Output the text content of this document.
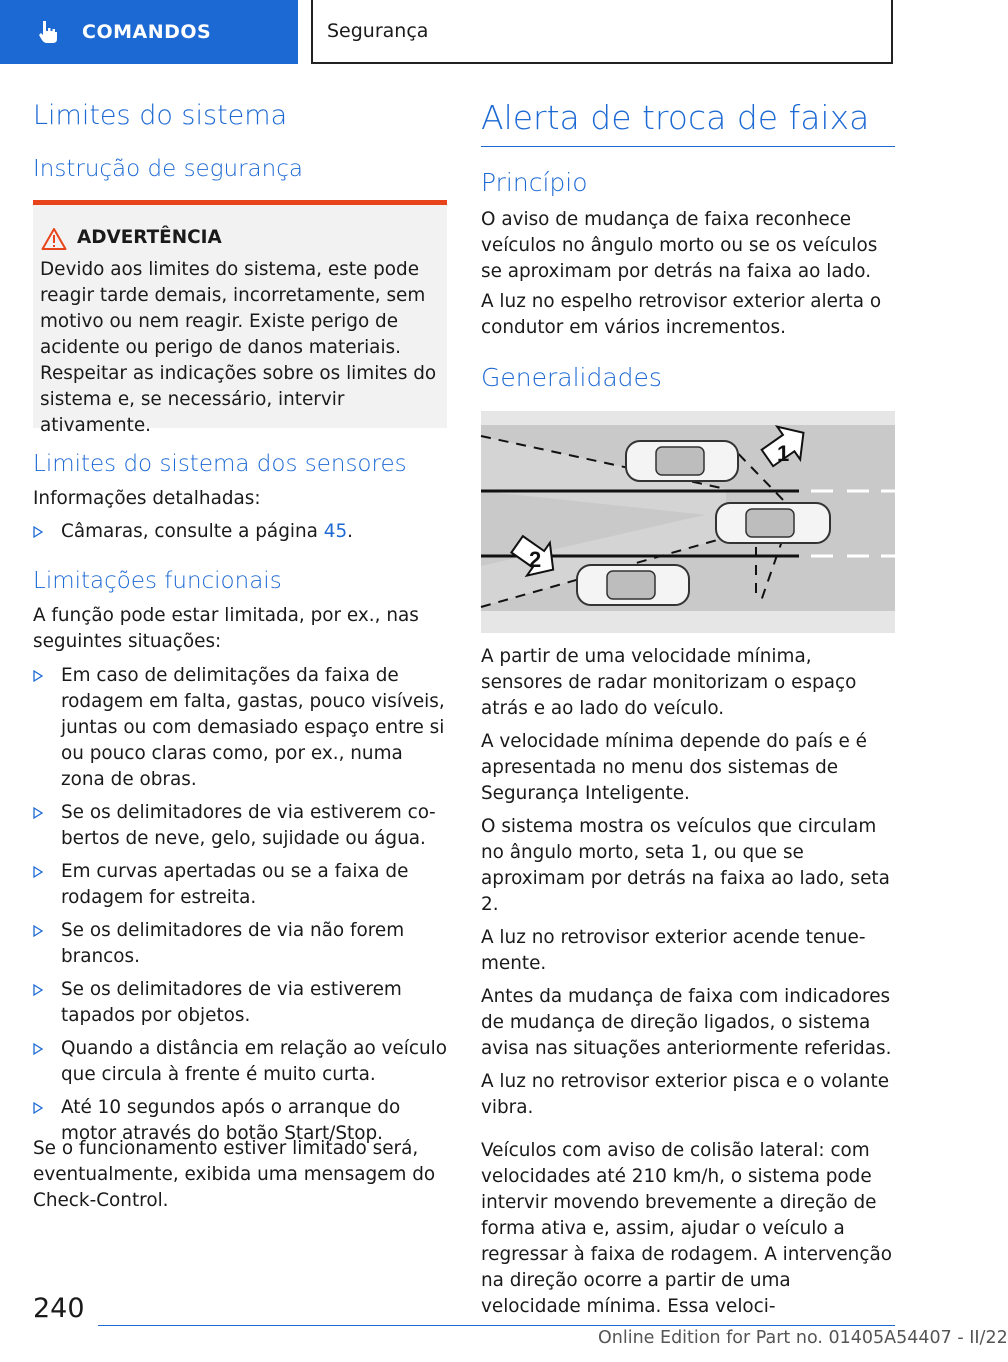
COMANDOS	Segurança
Limites do sistema
Instrução de segurança
ADVERTÊNCIA
Devido aos limites do sistema, este pode reagir tarde demais, incorretamente, sem motivo ou nem reagir. Existe perigo de acidente ou perigo de danos materiais. Respeitar as indicações sobre os limites do sistema e, se necessário, intervir ativamente.
Limites do sistema dos sensores
Informações detalhadas:
Câmaras, consulte a página 45.
Limitações funcionais
A função pode estar limitada, por ex., nas seguintes situações:
Em caso de delimitações da faixa de rodagem em falta, gastas, pouco visíveis, juntas ou com demasiado espaço entre si ou pouco claras como, por ex., numa zona de obras.
Se os delimitadores de via estiverem cobertos de neve, gelo, sujidade ou água.
Em curvas apertadas ou se a faixa de rodagem for estreita.
Se os delimitadores de via não forem brancos.
Se os delimitadores de via estiverem tapados por objetos.
Quando a distância em relação ao veículo que circula à frente é muito curta.
Até 10 segundos após o arranque do motor através do botão Start/Stop.
Se o funcionamento estiver limitado será, eventualmente, exibida uma mensagem do Check-Control.
Alerta de troca de faixa
Princípio
O aviso de mudança de faixa reconhece veículos no ângulo morto ou se os veículos se aproximam por detrás na faixa ao lado.
A luz no espelho retrovisor exterior alerta o condutor em vários incrementos.
Generalidades
1
2
A partir de uma velocidade mínima, sensores de radar monitorizam o espaço atrás e ao lado do veículo.
A velocidade mínima depende do país e é apresentada no menu dos sistemas de Segurança Inteligente.
O sistema mostra os veículos que circulam no ângulo morto, seta 1, ou que se aproximam por detrás na faixa ao lado, seta 2.
A luz no retrovisor exterior acende tenuemente.
Antes da mudança de faixa com indicadores de mudança de direção ligados, o sistema avisa nas situações anteriormente referidas.
A luz no retrovisor exterior pisca e o volante vibra.
Veículos com aviso de colisão lateral: com velocidades até 210 km/h, o sistema pode intervir movendo brevemente a direção de forma ativa e, assim, ajudar o veículo a regressar à faixa de rodagem. A intervenção na direção ocorre a partir de uma velocidade mínima. Essa veloci-
240
Online Edition for Part no. 01405A54407 - II/22
